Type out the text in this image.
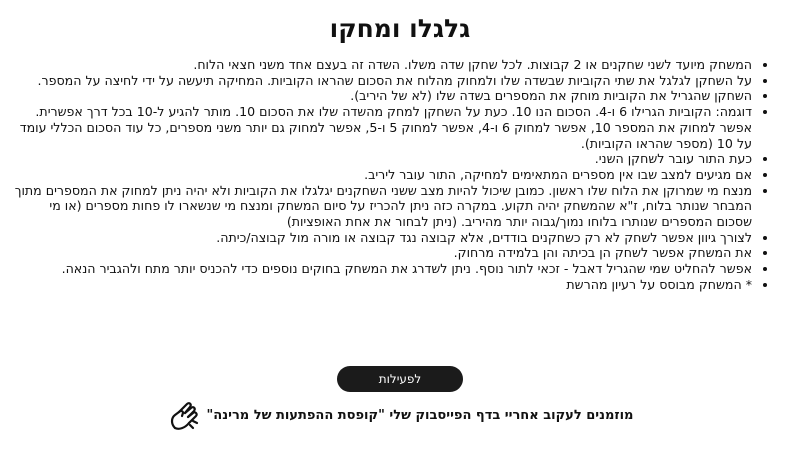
גלגלו ומחקו
• המשחק מיועד לשני שחקנים או 2 קבוצות. לכל שחקן שדה משלו. השדה זה בעצם אחד משני חצאי הלוח.
• על השחקן לגלגל את שתי הקוביות שבשדה שלו ולמחוק מהלוח את הסכום שהראו הקוביות. המחיקה תיעשה על ידי לחיצה על המספר.
• השחקן שהגריל את הקוביות מוחק את המספרים בשדה שלו (לא של היריב).
• דוגמה: הקוביות הגרילו 6 ו-4. הסכום הנו 10. כעת על השחקן למחק מהשדה שלו את הסכום 10. מותר להגיע ל-10 בכל דרך אפשרית. אפשר למחוק את המספר 10, אפשר למחוק 6 ו-4, אפשר למחוק 5 ו-5, אפשר למחוק גם יותר משני מספרים, כל עוד הסכום הכללי עומד על 10 (מספר שהראו הקוביות).
• כעת התור עובר לשחקן השני.
• אם מגיעים למצב שבו אין מספרים המתאימים למחיקה, התור עובר ליריב.
• מנצח מי שמרוקן את הלוח שלו ראשון. כמובן שיכול להיות מצב ששני השחקנים יגלגלו את הקוביות ולא יהיה ניתן למחוק את המספרים מתוך המבחר שנותר בלוח, ז"א שהמשחק יהיה תקוע. במקרה כזה ניתן להכריז על סיום המשחק ומנצח מי שנשארו לו פחות מספרים (או מי שסכום המספרים שנותרו בלוחו נמוך/גבוה יותר מהיריב. (ניתן לבחור את אחת האופציות)
• לצורך גיוון אפשר לשחק לא רק כשחקנים בודדים, אלא קבוצה נגד קבוצה או מורה מול קבוצה/כיתה.
• את המשחק אפשר לשחק הן בכיתה והן בלמידה מרחוק.
• אפשר להחליט שמי שהגריל דאבל - זכאי לתור נוסף. ניתן לשדרג את המשחק בחוקים נוספים כדי להכניס יותר מתח ולהגביר הנאה.
• * המשחק מבוסס על רעיון מהרשת
לפעילות
מוזמנים לעקוב אחריי בדף הפייסבוק שלי "קופסת ההפתעות של מרינה"
